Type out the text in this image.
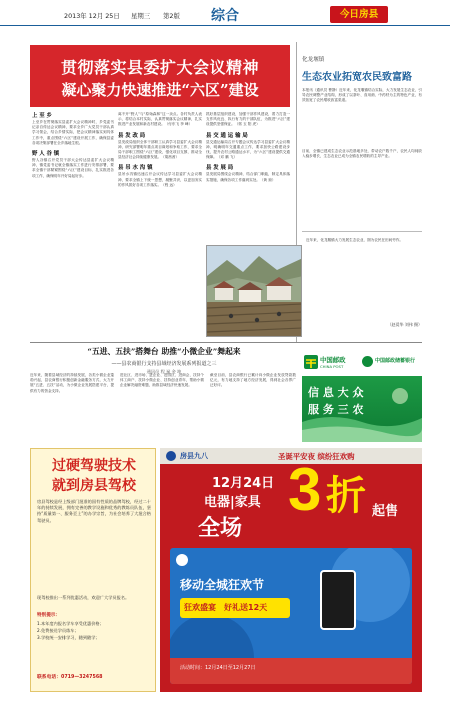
2013年 12月 25日 星期三 第2版 综合	今日房县
贯彻落实县委扩大会议精神
凝心聚力快速推进“六区”建设
上 至 乡
上至乡在贯彻落实县委扩大会议精神时，乡党委书记亲自传达会议精神，要求全乡广大党员干部认真学习领会，结合乡情实际，把会议精神落实到具体工作中，重点围绕“六区”建设开展工作，确保县委各项决策部署在全乡落地生根。
野 人 谷 镇
野人谷镇召开党员干部大会传达县委扩大会议精神，镇党委书记就全镇落实工作进行安排部署，要求全镇干部紧紧围绕“六区”建设目标，扎实推进各项工作，确保明年开好局起好步。
离不开“野人”与“原始森林”这一卖点。各村负责人表示，将结合本村实际，认真贯彻落实会议精神，扎实推进产业发展和新农村建设。（付东飞 李 峰）
县 发 改 局
县发改局组织全体干部职工认真学习县委扩大会议精神，研究部署明年重点项目谋划和争取工作，要求全局干部职工围绕“六区”建设，强化项目支撑，推动全县经济社会持续健康发展。（胡茜茜）
县 吊 水 沟 镇
县吊水沟镇迅速召开会议传达学习县委扩大会议精神，要求全镇上下统一思想，凝聚共识，以更加务实的作风抓好各项工作落实。（程 远）
抓好基层组织建设，加强干部作风建设，着力打造一支作风优良、执行有力的干部队伍，为推进“六区”建设提供坚强保证。（郭 玉 阳 虎）
县 交 通 运 输 局
县交通运输局召开专题会议传达学习县委扩大会议精神，明确明年交通重点工作，要求加快公路建设步伐，提升农村公路通达水平，为“六区”建设提供交通保障。（邓 鹏 飞）
县 发 展 局
县发展局围绕会议精神，结合部门职能，制定具体落实措施，确保各项工作落到实处。（黄 琼）
化龙堰镇
生态农业拓宽农民致富路
本报讯（通讯员 曹静）近年来，化龙堰镇结合实际，大力发展生态农业，引导农民调整产业结构，形成了以茶叶、食用菌、中药材为主的特色产业，有效拓宽了农民增收致富渠道。
目前，全镇已建成生态农业示范基地多处，带动农户数千户，农民人均纯收入稳步增长，生态农业已成为全镇农民增收的主导产业。
近年来，化龙堰镇大力发展生态农业，图为农民在田间劳作。
（赵爱华 刘伟 摄）
“五进、五扶”搭舞台 助推“小微企业”舞起来
——县农商银行支持县域经济发展系列报道之三
通讯员 程 禄 金 坤
近年来，随着县域经济的持续发展，各类小微企业蓬勃兴起，县农商银行积极创新金融服务方式，大力开展“五进、五扶”活动，为小微企业发展搭建平台，提供有力的资金支持。
进社区、进市场、进企业、进园区、进商会，扶持个体工商户、扶持小微企业、扶持创业青年，帮助小微企业解决融资难题，助推县域经济快速发展。
截至目前，县农商银行已累计向小微企业发放贷款数亿元，有力地支持了地方经济发展，得到社会各界广泛好评。
中国邮政
CHINA POST
中国邮政储蓄银行
信 息 大 众
服 务 三 农
过硬驾驶技术
就到房县驾校
房县驾校是经上级部门批准的国有性质的品牌驾校，经过二十年的持续发展，拥有完善的教学设施和优秀的教练员队伍，坚持“质量第一、服务至上”的办学宗旨，为社会培养了大批合格驾驶员。
现驾校推出一系列优惠活动，欢迎广大学员报名。
特别提示：
1.本年度内报名学车享受优惠价格；
2.免费接送学员练车；
3.学校统一安排学习，随到随学；
联系电话：0719—3247568
房县九八	圣诞平安夜 缤纷狂欢购
12月24日
电器|家具
全场
3 折 起售
移动全城狂欢节
狂欢盛宴 好礼送12天
活动时间：12月24日至12月27日
